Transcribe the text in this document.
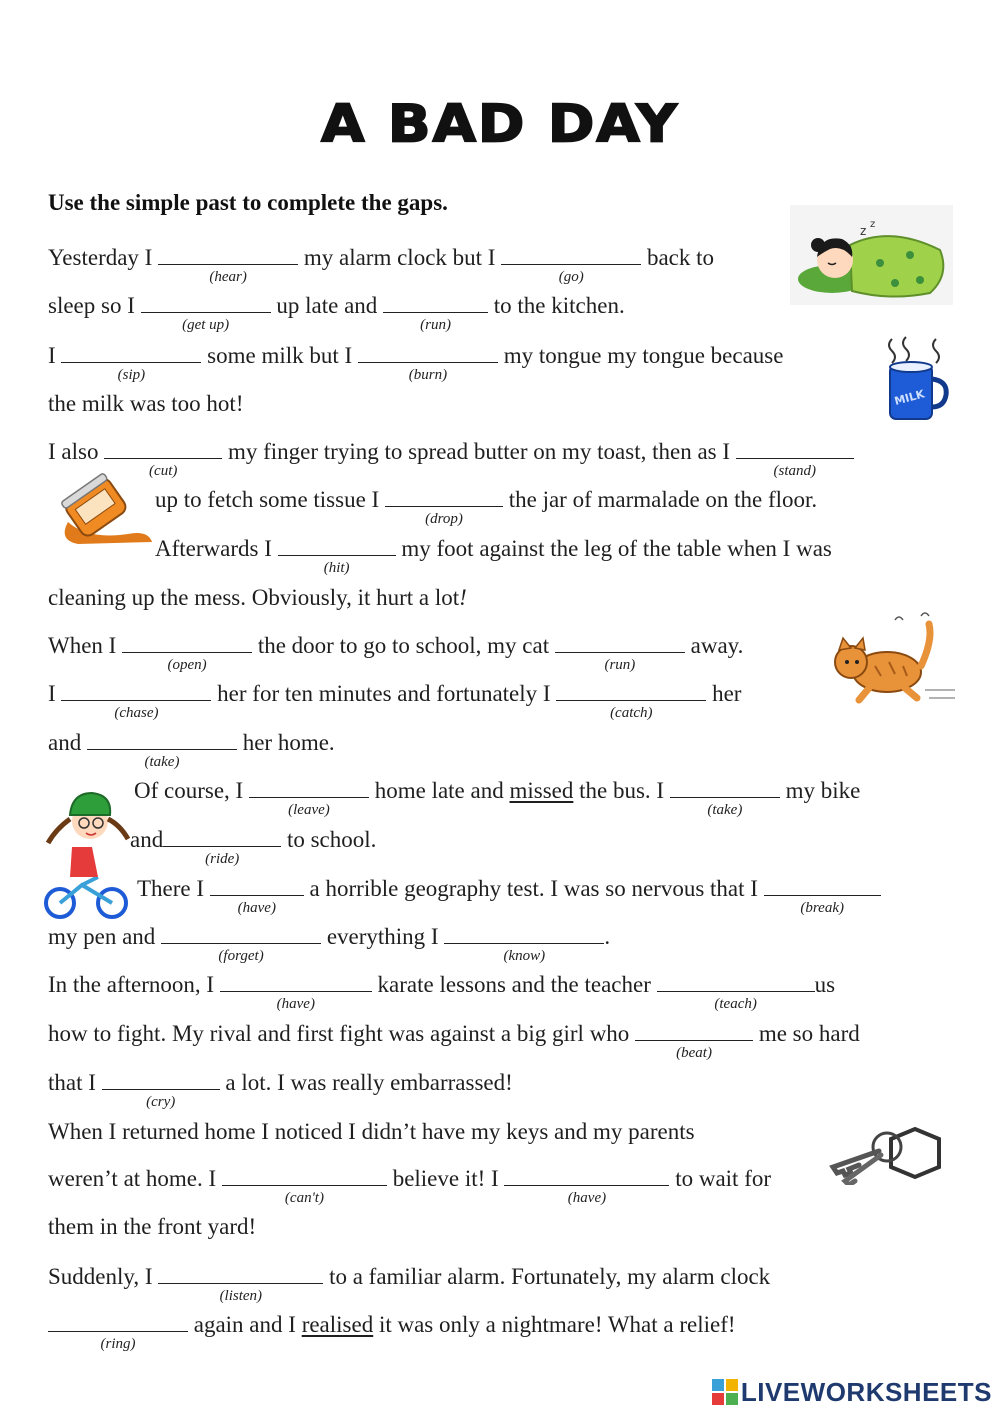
A BAD DAY
Use the simple past to complete the gaps.
Yesterday I
(hear)
my alarm clock but I
(go)
back to
sleep so I
(get up)
up late and
(run)
to the kitchen.
I
(sip)
some milk but I
(burn)
my tongue my tongue because
the milk was too hot!
I also
(cut)
my finger trying to spread butter on my toast, then as I
(stand)
up to fetch some tissue I
(drop)
the jar of marmalade on the floor.
Afterwards I
(hit)
my foot against the leg of the table when I was
cleaning up the mess. Obviously, it hurt a lot!
When I
(open)
the door to go to school, my cat
(run)
away.
I
(chase)
her for ten minutes and fortunately I
(catch)
her
and
(take)
her home.
Of course, I
(leave)
home late and missed the bus. I
(take)
my bike
and
(ride)
to school.
There I
(have)
a horrible geography test. I was so nervous that I
(break)
my pen and
(forget)
everything I
(know)
.
In the afternoon, I
(have)
karate lessons and the teacher
(teach)
us
how to fight. My rival and first fight was against a big girl who
(beat)
me so hard
that I
(cry)
a lot. I was really embarrassed!
When I returned home I noticed I didn’t have my keys and my parents
weren’t at home. I
(can't)
believe it! I
(have)
to wait for
them in the front yard!
Suddenly, I
(listen)
to a familiar alarm. Fortunately, my alarm clock
(ring)
again and I realised it was only a nightmare! What a relief!
z z
MILK
LIVEWORKSHEETS
